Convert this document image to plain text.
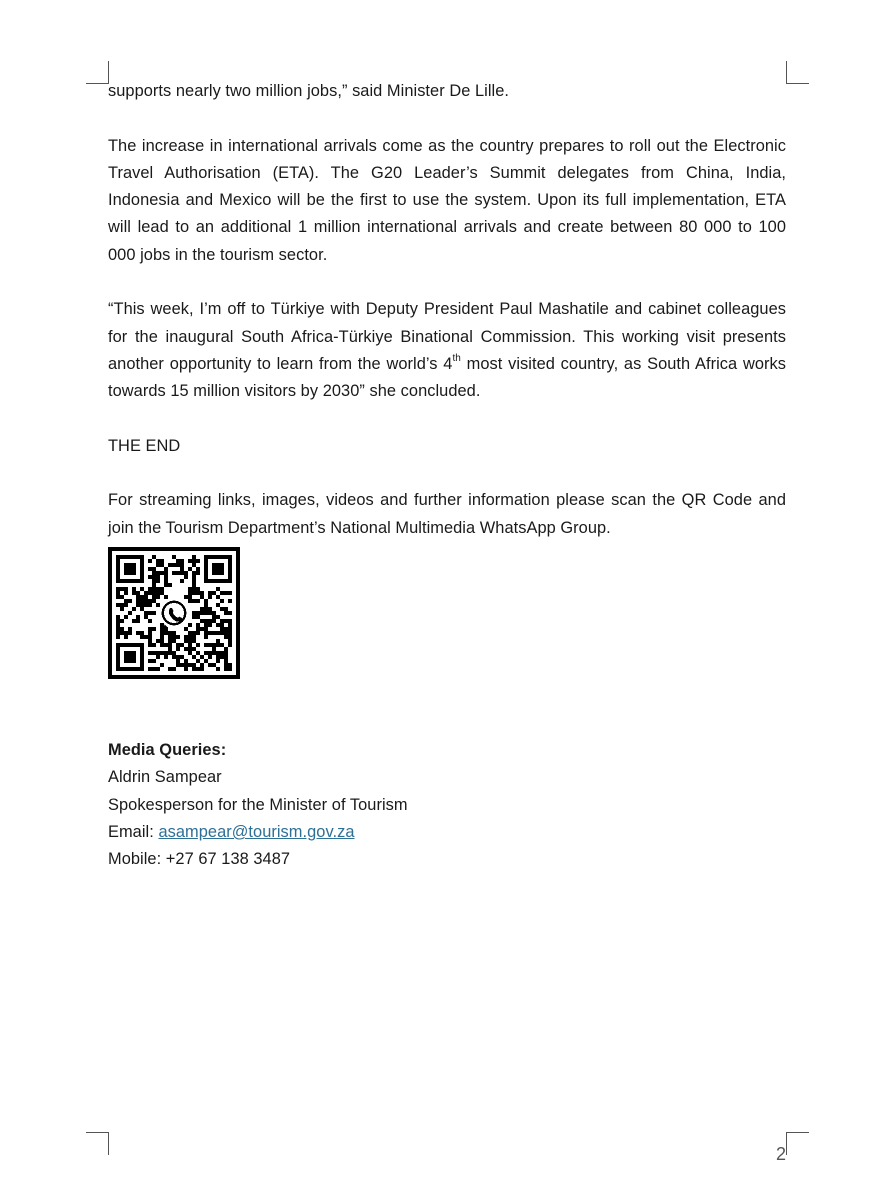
supports nearly two million jobs,” said Minister De Lille.

The increase in international arrivals come as the country prepares to roll out the Electronic Travel Authorisation (ETA). The G20 Leader’s Summit delegates from China, India, Indonesia and Mexico will be the first to use the system. Upon its full implementation, ETA will lead to an additional 1 million international arrivals and create between 80 000 to 100 000 jobs in the tourism sector.

“This week, I’m off to Türkiye with Deputy President Paul Mashatile and cabinet colleagues for the inaugural South Africa-Türkiye Binational Commission. This working visit presents another opportunity to learn from the world’s 4th most visited country, as South Africa works towards 15 million visitors by 2030” she concluded.

THE END

For streaming links, images, videos and further information please scan the QR Code and join the Tourism Department’s National Multimedia WhatsApp Group.

Media Queries:
Aldrin Sampear
Spokesperson for the Minister of Tourism
Email: asampear@tourism.gov.za
Mobile: +27 67 138 3487
2
